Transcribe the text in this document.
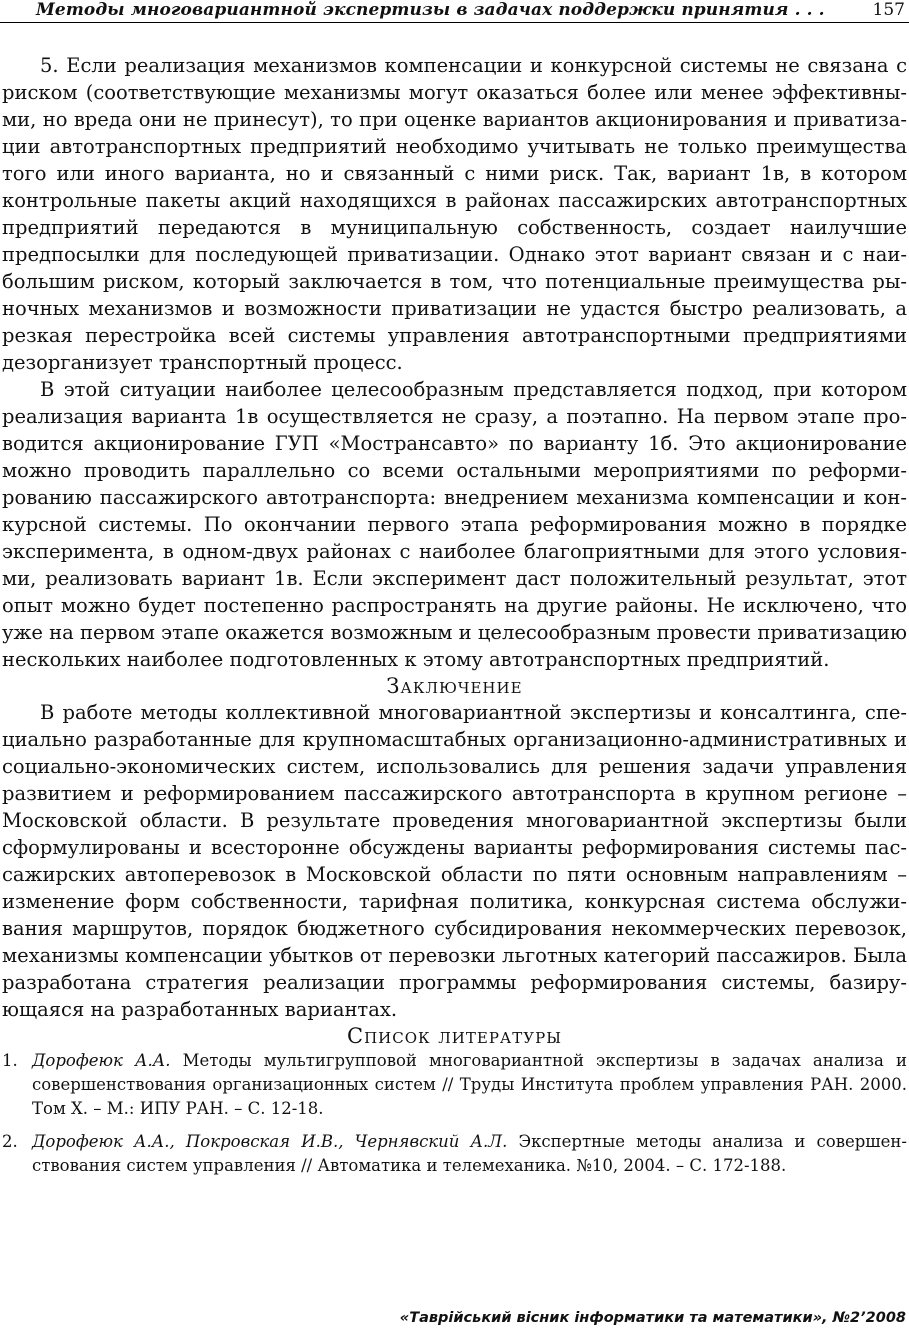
Методы многовариантной экспертизы в задачах поддержки принятия . . .	157

5. Если реализация механизмов компенсации и конкурсной системы не связана с риском (соответствующие механизмы могут оказаться более или менее эффективными, но вреда они не принесут), то при оценке вариантов акционирования и приватизации автотранспортных предприятий необходимо учитывать не только преимущества того или иного варианта, но и связанный с ними риск. Так, вариант 1в, в котором контрольные пакеты акций находящихся в районах пассажирских автотранспортных предприятий передаются в муниципальную собственность, создает наилучшие предпосылки для последующей приватизации. Однако этот вариант связан и с наибольшим риском, который заключается в том, что потенциальные преимущества рыночных механизмов и возможности приватизации не удастся быстро реализовать, а резкая перестройка всей системы управления автотранспортными предприятиями дезорганизует транспортный процесс.

В этой ситуации наиболее целесообразным представляется подход, при котором реализация варианта 1в осуществляется не сразу, а поэтапно. На первом этапе проводится акционирование ГУП «Мострансавто» по варианту 1б. Это акционирование можно проводить параллельно со всеми остальными мероприятиями по реформированию пассажирского автотранспорта: внедрением механизма компенсации и конкурсной системы. По окончании первого этапа реформирования можно в порядке эксперимента, в одном-двух районах с наиболее благоприятными для этого условиями, реализовать вариант 1в. Если эксперимент даст положительный результат, этот опыт можно будет постепенно распространять на другие районы. Не исключено, что уже на первом этапе окажется возможным и целесообразным провести приватизацию нескольких наиболее подготовленных к этому автотранспортных предприятий.

Заключение

В работе методы коллективной многовариантной экспертизы и консалтинга, специально разработанные для крупномасштабных организационно-административных и социально-экономических систем, использовались для решения задачи управления развитием и реформированием пассажирского автотранспорта в крупном регионе – Московской области. В результате проведения многовариантной экспертизы были сформулированы и всесторонне обсуждены варианты реформирования системы пассажирских автоперевозок в Московской области по пяти основным направлениям – изменение форм собственности, тарифная политика, конкурсная система обслуживания маршрутов, порядок бюджетного субсидирования некоммерческих перевозок, механизмы компенсации убытков от перевозки льготных категорий пассажиров. Была разработана стратегия реализации программы реформирования системы, базирующаяся на разработанных вариантах.

Список литературы
1. Дорофеюк А.А. Методы мультигрупповой многовариантной экспертизы в задачах анализа и совершенствования организационных систем // Труды Института проблем управления РАН. 2000. Том X. – М.: ИПУ РАН. – С. 12-18.
2. Дорофеюк А.А., Покровская И.В., Чернявский А.Л. Экспертные методы анализа и совершенствования систем управления // Автоматика и телемеханика. №10, 2004. – С. 172-188.
«Таврійський вісник інформатики та математики», №2’2008
